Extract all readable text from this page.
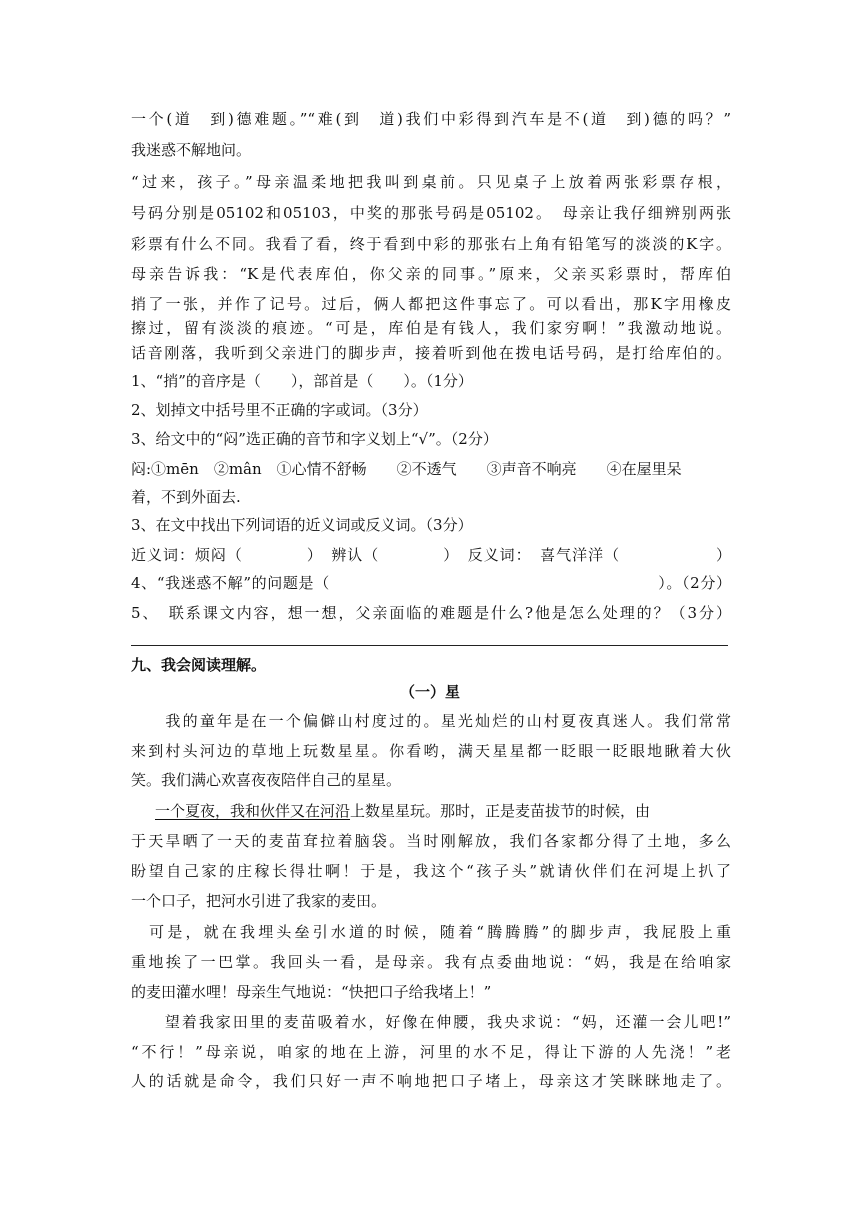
一个(道　到)德难题。”“难(到　道)我们中彩得到汽车是不(道　到)德的吗？”
我迷惑不解地问。
“过来，孩子。”母亲温柔地把我叫到桌前。只见桌子上放着两张彩票存根，
号码分别是05102和05103，中奖的那张号码是05102。　母亲让我仔细辨别两张
彩票有什么不同。我看了看，终于看到中彩的那张右上角有铅笔写的淡淡的K字。
母亲告诉我：“K是代表库伯，你父亲的同事。”原来，父亲买彩票时，帮库伯
捎了一张，并作了记号。过后，俩人都把这件事忘了。可以看出，那K字用橡皮
擦过，留有淡淡的痕迹。“可是，库伯是有钱人，我们家穷啊！”我激动地说。
话音刚落，我听到父亲进门的脚步声，接着听到他在拨电话号码，是打给库伯的。
1、“捎”的音序是（　　），部首是（　　）。（1分）
2、划掉文中括号里不正确的字或词。（3分）
3、给文中的“闷”选正确的音节和字义划上“√”。（2分）
闷:①mēn　②mân　①心情不舒畅　　②不透气　　③声音不响亮　　④在屋里呆
着，不到外面去.
3、在文中找出下列词语的近义词或反义词。（3分）
近义词：烦闷（　　　　）　辨认（　　　　）　反义词：　喜气洋洋（　　　　　　）
4、“我迷惑不解”的问题是（　　　　　　　　　　　　　　　　　　　　　）。（2分）
5、　联系课文内容，想一想，父亲面临的难题是什么?他是怎么处理的？（3分）
九、我会阅读理解。
（一）星
　　我的童年是在一个偏僻山村度过的。星光灿烂的山村夏夜真迷人。我们常常
来到村头河边的草地上玩数星星。你看哟，满天星星都一眨眼一眨眼地瞅着大伙
笑。我们满心欢喜夜夜陪伴自己的星星。
一个夏夜，我和伙伴又在河沿上数星星玩。那时，正是麦苗拔节的时候，由
于天旱晒了一天的麦苗耷拉着脑袋。当时刚解放，我们各家都分得了土地，多么
盼望自己家的庄稼长得壮啊！于是，我这个“孩子头”就请伙伴们在河堤上扒了
一个口子，把河水引进了我家的麦田。
　可是，就在我埋头垒引水道的时候，随着“腾腾腾”的脚步声，我屁股上重
重地挨了一巴掌。我回头一看，是母亲。我有点委曲地说：“妈，我是在给咱家
的麦田灌水哩！母亲生气地说：“快把口子给我堵上！”
　　望着我家田里的麦苗吸着水，好像在伸腰，我央求说：“妈，还灌一会儿吧!”
“不行！”母亲说，咱家的地在上游，河里的水不足，得让下游的人先浇！”老
人的话就是命令，我们只好一声不响地把口子堵上，母亲这才笑眯眯地走了。
